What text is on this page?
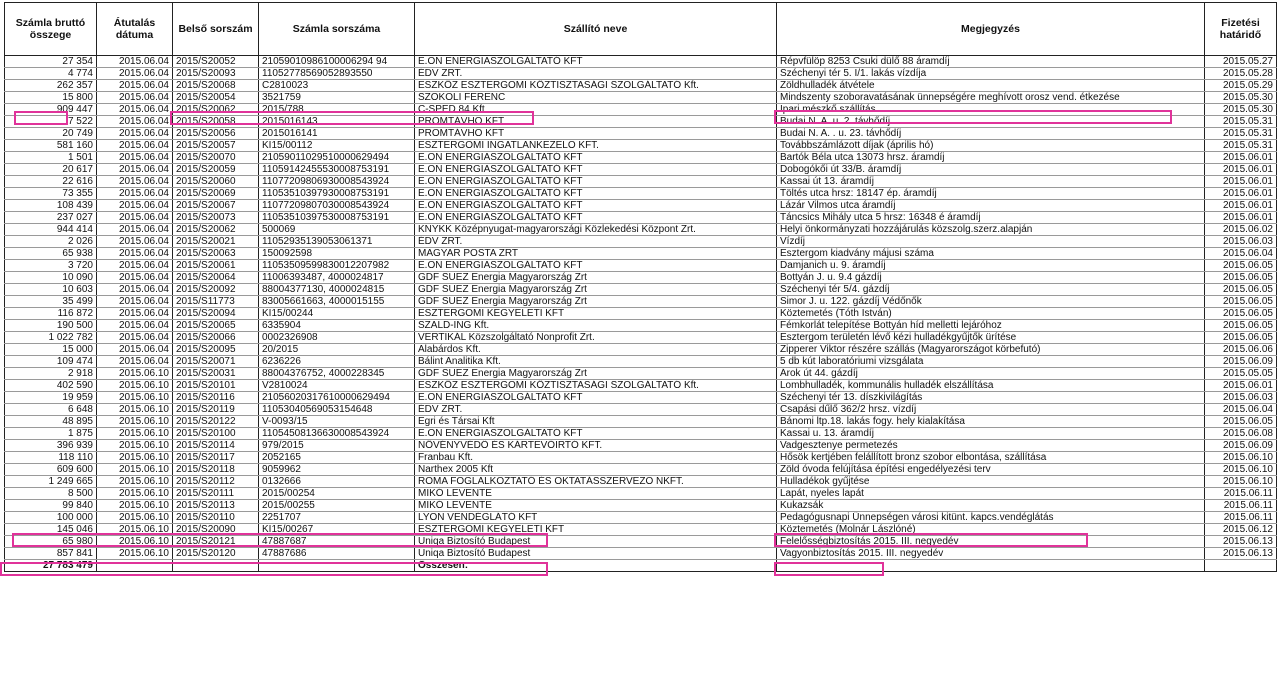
Számla bruttó összege	Átutalás dátuma	Belső sorszám	Számla sorszáma	Szállító neve	Megjegyzés	Fizetési határidő
27 354	2015.06.04	2015/S20052	21059010986100006294 94	E.ON ENERGIASZOLGÁLTATÓ KFT	Répvfülöp 8253 Csuki dülő 88 áramdíj	2015.05.27
4 774	2015.06.04	2015/S20093	11052778569052893550	ÉDV ZRT.	Széchenyi tér 5. I/1. lakás vízdíja	2015.05.28
262 357	2015.06.04	2015/S20068	C2810023	ESZKÖZ ESZTERGOMI KÖZTISZTASÁGI SZOLGÁLTATÓ Kft.	Zöldhulladék átvétele	2015.05.29
15 800	2015.06.04	2015/S20054	3521759	SZOKOLI FERENC	Mindszenty szoboravatásának ünnepségére meghívott orosz vend. étkezése	2015.05.30
909 447	2015.06.04	2015/S20062	2015/788	C-SPED 84 Kft	Ipari mészkő szállítás	2015.05.30
7 522	2015.06.04	2015/S20058	2015016143	PROMTÁVHO KFT	Budai N. A. u. 2. távhődíj	2015.05.31
20 749	2015.06.04	2015/S20056	2015016141	PROMTÁVHO KFT	Budai N. A. . u. 23. távhődíj	2015.05.31
581 160	2015.06.04	2015/S20057	KI15/00112	ESZTERGOMI INGATLANKEZELO KFT.	Továbbszámlázott díjak (április hó)	2015.05.31
1 501	2015.06.04	2015/S20070	21059011029510000629494	E.ON ENERGIASZOLGÁLTATÓ KFT	Bartók Béla utca 13073 hrsz. áramdíj	2015.06.01
20 617	2015.06.04	2015/S20059	11059142455530008753191	E.ON ENERGIASZOLGÁLTATÓ KFT	Dobogókői út 33/B. áramdíj	2015.06.01
22 616	2015.06.04	2015/S20060	11077209806930008543924	E.ON ENERGIASZOLGÁLTATÓ KFT	Kassai út 13. áramdíj	2015.06.01
73 355	2015.06.04	2015/S20069	11053510397930008753191	E.ON ENERGIASZOLGÁLTATÓ KFT	Töltés utca hrsz: 18147 ép. áramdíj	2015.06.01
108 439	2015.06.04	2015/S20067	11077209807030008543924	E.ON ENERGIASZOLGÁLTATÓ KFT	Lázár Vilmos utca áramdíj	2015.06.01
237 027	2015.06.04	2015/S20073	11053510397530008753191	E.ON ENERGIASZOLGÁLTATÓ KFT	Táncsics Mihály utca 5 hrsz: 16348 é áramdíj	2015.06.01
944 414	2015.06.04	2015/S20062	500069	KNYKK Középnyugat-magyarországi Közlekedési Központ Zrt.	Helyi önkormányzati hozzájárulás közszolg.szerz.alapján	2015.06.02
2 026	2015.06.04	2015/S20021	11052935139053061371	ÉDV ZRT.	Vízdíj	2015.06.03
65 938	2015.06.04	2015/S20063	150092598	MAGYAR POSTA ZRT	Esztergom kiadvány májusi száma	2015.06.04
3 720	2015.06.04	2015/S20061	11053509599830012207982	E.ON ENERGIASZOLGÁLTATÓ KFT	Damjanich u. 9. áramdíj	2015.06.05
10 090	2015.06.04	2015/S20064	11006393487, 4000024817	GDF SUEZ Energia Magyarország Zrt	Bottyán J. u. 9.4 gázdíj	2015.06.05
10 603	2015.06.04	2015/S20092	88004377130, 4000024815	GDF SUEZ Energia Magyarország Zrt	Széchenyi tér 5/4. gázdíj	2015.06.05
35 499	2015.06.04	2015/S11773	83005661663, 4000015155	GDF SUEZ Energia Magyarország Zrt	Simor J. u. 122. gázdíj Védőnők	2015.06.05
116 872	2015.06.04	2015/S20094	KI15/00244	ESZTERGOMI KEGYELETI KFT	Köztemetés (Tóth István)	2015.06.05
190 500	2015.06.04	2015/S20065	6335904	SZALD-ING Kft.	Fémkorlát telepítése Bottyán híd melletti lejáróhoz	2015.06.05
1 022 782	2015.06.04	2015/S20066	0002326908	VERTIKÁL Közszolgáltató Nonprofit Zrt.	Esztergom területén lévő kézi hulladékgyűjtők ürítése	2015.06.05
15 000	2015.06.04	2015/S20095	20/2015	Alabárdos Kft.	Zipperer Viktor részére szállás (Magyarországot körbefutó)	2015.06.06
109 474	2015.06.04	2015/S20071	6236226	Bálint Analitika Kft.	5 db kút laboratóriumi vizsgálata	2015.06.09
2 918	2015.06.10	2015/S20031	88004376752, 4000228345	GDF SUEZ Energia Magyarország Zrt	Árok út 44. gázdíj	2015.05.05
402 590	2015.06.10	2015/S20101	V2810024	ESZKÖZ ESZTERGOMI KÖZTISZTASÁGI SZOLGÁLTATÓ Kft.	Lombhulladék, kommunális hulladék elszállítása	2015.06.01
19 959	2015.06.10	2015/S20116	21056020317610000629494	E.ON ENERGIASZOLGÁLTATÓ KFT	Széchenyi tér 13. díszkivilágítás	2015.06.03
6 648	2015.06.10	2015/S20119	11053040569053154648	ÉDV ZRT.	Csapási dűlő 362/2 hrsz. vízdíj	2015.06.04
48 895	2015.06.10	2015/S20122	V-0093/15	Egri és Társai Kft	Bánomi ltp.18. lakás fogy. hely kialakítása	2015.06.05
1 875	2015.06.10	2015/S20100	11054508136630008543924	E.ON ENERGIASZOLGÁLTATÓ KFT	Kassai u. 13. áramdíj	2015.06.08
396 939	2015.06.10	2015/S20114	979/2015	NÖVÉNYVÉDŐ ÉS KÁRTEVŐIRTÓ KFT.	Vadgesztenye permetezés	2015.06.09
118 110	2015.06.10	2015/S20117	2052165	Franbau Kft.	Hősök kertjében felállított bronz szobor elbontása, szállítása	2015.06.10
609 600	2015.06.10	2015/S20118	9059962	Narthex 2005 Kft	Zöld óvoda felújítása építési engedélyezési terv	2015.06.10
1 249 665	2015.06.10	2015/S20112	0132666	ROMA FOGLALKOZTATÓ ÉS OKTATÁSSZERVEZO NKFT.	Hulladékok gyűjtése	2015.06.10
8 500	2015.06.10	2015/S20111	2015/00254	MIKÓ LEVENTE	Lapát, nyeles lapát	2015.06.11
99 840	2015.06.10	2015/S20113	2015/00255	MIKÓ LEVENTE	Kukazsák	2015.06.11
100 000	2015.06.10	2015/S20110	2251707	LYON VENDÉGLÁTÓ KFT	Pedagógusnapi Ünnepségen városi kitünt. kapcs.vendéglátás	2015.06.11
145 046	2015.06.10	2015/S20090	KI15/00267	ESZTERGOMI KEGYELETI KFT	Köztemetés (Molnár Lászlóné)	2015.06.12
65 980	2015.06.10	2015/S20121	47887687	Uniqa Biztosító Budapest	Felelősségbiztosítás 2015. III. negyedév	2015.06.13
857 841	2015.06.10	2015/S20120	47887686	Uniqa Biztosító Budapest	Vagyonbiztosítás 2015. III. negyedév	2015.06.13
27 783 479				Összesen:		
